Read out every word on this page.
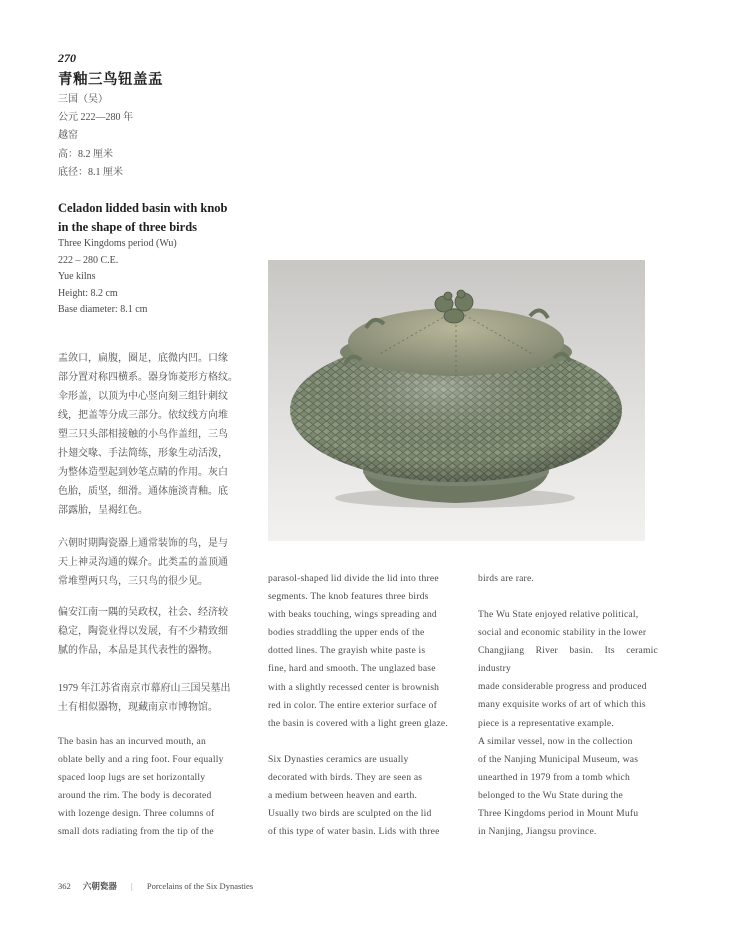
270
青釉三鸟钮盖盂
三国（吴）
公元 222—280 年
越窑
高：8.2 厘米
底径：8.1 厘米
Celadon lidded basin with knob
in the shape of three birds
Three Kingdoms period (Wu)
222 – 280 C.E.
Yue kilns
Height: 8.2 cm
Base diameter: 8.1 cm
盂敛口，扁腹，圈足，底微内凹。口缘
部分置对称四横系。器身饰菱形方格纹。
伞形盖，以顶为中心竖向刻三组针刺纹
线，把盖等分成三部分。依纹线方向堆
塑三只头部相接触的小鸟作盖纽，三鸟
扑翅交喙、手法简练，形象生动活泼，
为整体造型起到妙笔点睛的作用。灰白
色胎，质坚，细滑。通体施淡青釉。底
部露胎，呈褐红色。
六朝时期陶瓷器上通常装饰的鸟，是与
天上神灵沟通的媒介。此类盂的盖顶通
常堆塑两只鸟，三只鸟的很少见。
偏安江南一隅的吴政权，社会、经济较
稳定，陶瓷业得以发展，有不少精致细
腻的作品，本品是其代表性的器物。
1979 年江苏省南京市幕府山三国吴墓出
土有相似器物，现藏南京市博物馆。
The basin has an incurved mouth, an
oblate belly and a ring foot. Four equally
spaced loop lugs are set horizontally
around the rim. The body is decorated
with lozenge design. Three columns of
small dots radiating from the tip of the
parasol-shaped lid divide the lid into three
segments. The knob features three birds
with beaks touching, wings spreading and
bodies straddling the upper ends of the
dotted lines. The grayish white paste is
fine, hard and smooth. The unglazed base
with a slightly recessed center is brownish
red in color. The entire exterior surface of
the basin is covered with a light green glaze.
Six Dynasties ceramics are usually
decorated with birds. They are seen as
a medium between heaven and earth.
Usually two birds are sculpted on the lid
of this type of water basin. Lids with three
birds are rare.
The Wu State enjoyed relative political,
social and economic stability in the lower
Changjiang River basin. Its ceramic industry
made considerable progress and produced
many exquisite works of art of which this
piece is a representative example.
A similar vessel, now in the collection
of the Nanjing Municipal Museum, was
unearthed in 1979 from a tomb which
belonged to the Wu State during the
Three Kingdoms period in Mount Mufu
in Nanjing, Jiangsu province.
362 六朝瓷器 | Porcelains of the Six Dynasties
